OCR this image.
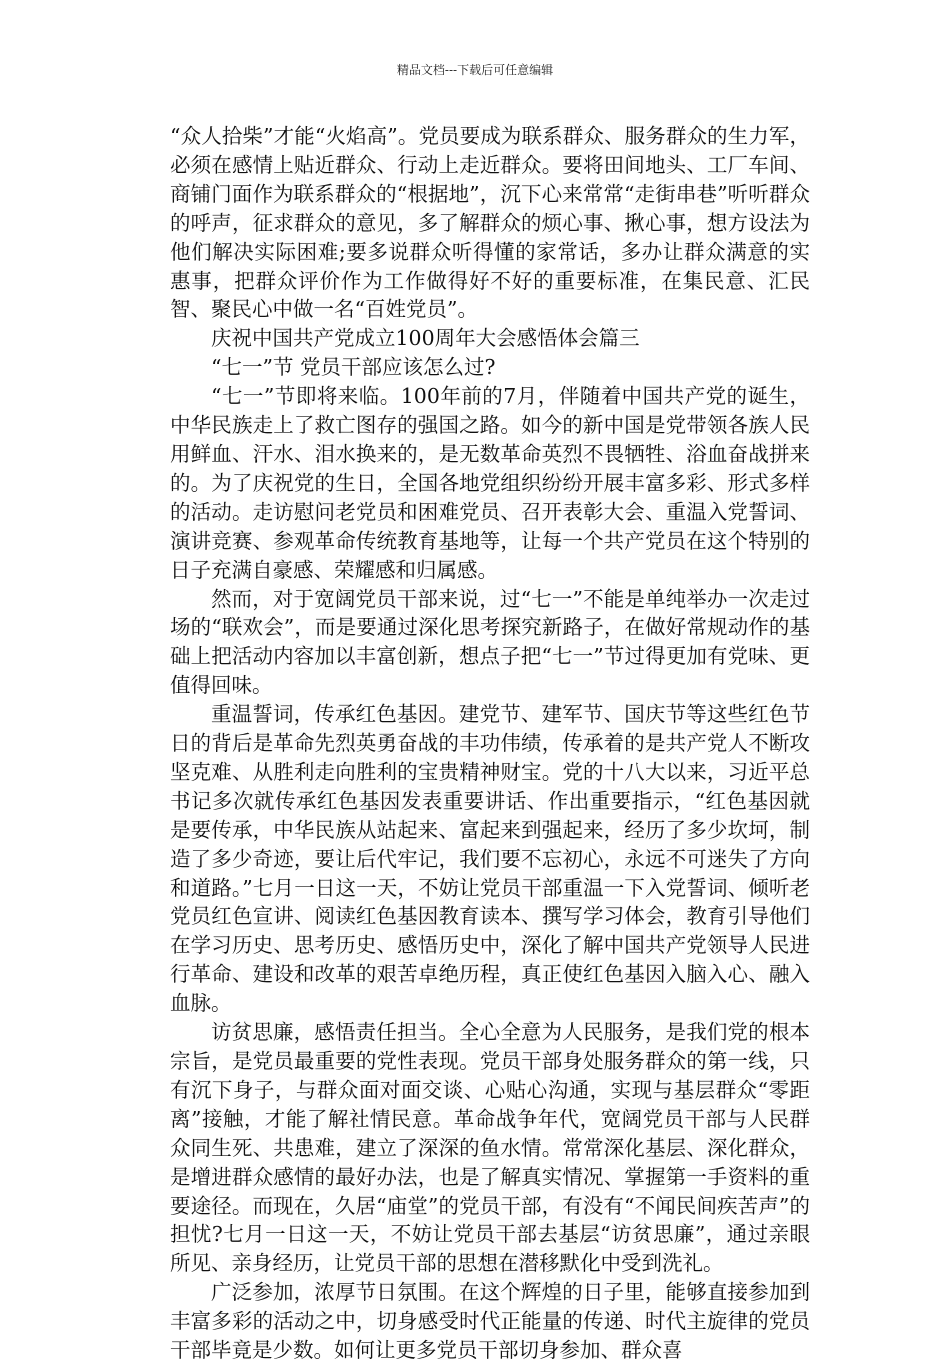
精品文档---下载后可任意编辑

“众人拾柴”才能“火焰高”。党员要成为联系群众、服务群众的生力军，必须在感情上贴近群众、行动上走近群众。要将田间地头、工厂车间、商铺门面作为联系群众的“根据地”，沉下心来常常“走街串巷”听听群众的呼声，征求群众的意见，多了解群众的烦心事、揪心事，想方设法为他们解决实际困难;要多说群众听得懂的家常话，多办让群众满意的实惠事，把群众评价作为工作做得好不好的重要标准，在集民意、汇民智、聚民心中做一名“百姓党员”。

庆祝中国共产党成立100周年大会感悟体会篇三

“七一”节 党员干部应该怎么过?

“七一”节即将来临。100年前的7月，伴随着中国共产党的诞生，中华民族走上了救亡图存的强国之路。如今的新中国是党带领各族人民用鲜血、汗水、泪水换来的，是无数革命英烈不畏牺牲、浴血奋战拼来的。为了庆祝党的生日，全国各地党组织纷纷开展丰富多彩、形式多样的活动。走访慰问老党员和困难党员、召开表彰大会、重温入党誓词、演讲竞赛、参观革命传统教育基地等，让每一个共产党员在这个特别的日子充满自豪感、荣耀感和归属感。

然而，对于宽阔党员干部来说，过“七一”不能是单纯举办一次走过场的“联欢会”，而是要通过深化思考探究新路子，在做好常规动作的基础上把活动内容加以丰富创新，想点子把“七一”节过得更加有党味、更值得回味。

重温誓词，传承红色基因。建党节、建军节、国庆节等这些红色节日的背后是革命先烈英勇奋战的丰功伟绩，传承着的是共产党人不断攻坚克难、从胜利走向胜利的宝贵精神财宝。党的十八大以来，习近平总书记多次就传承红色基因发表重要讲话、作出重要指示，“红色基因就是要传承，中华民族从站起来、富起来到强起来，经历了多少坎坷，制造了多少奇迹，要让后代牢记，我们要不忘初心，永远不可迷失了方向和道路。”七月一日这一天，不妨让党员干部重温一下入党誓词、倾听老党员红色宣讲、阅读红色基因教育读本、撰写学习体会，教育引导他们在学习历史、思考历史、感悟历史中，深化了解中国共产党领导人民进行革命、建设和改革的艰苦卓绝历程，真正使红色基因入脑入心、融入血脉。

访贫思廉，感悟责任担当。全心全意为人民服务，是我们党的根本宗旨，是党员最重要的党性表现。党员干部身处服务群众的第一线，只有沉下身子，与群众面对面交谈、心贴心沟通，实现与基层群众“零距离”接触，才能了解社情民意。革命战争年代，宽阔党员干部与人民群众同生死、共患难，建立了深深的鱼水情。常常深化基层、深化群众，是增进群众感情的最好办法，也是了解真实情况、掌握第一手资料的重要途径。而现在，久居“庙堂”的党员干部，有没有“不闻民间疾苦声”的担忧?七月一日这一天，不妨让党员干部去基层“访贫思廉”，通过亲眼所见、亲身经历，让党员干部的思想在潜移默化中受到洗礼。

广泛参加，浓厚节日氛围。在这个辉煌的日子里，能够直接参加到丰富多彩的活动之中，切身感受时代正能量的传递、时代主旋律的党员干部毕竟是少数。如何让更多党员干部切身参加、群众喜
